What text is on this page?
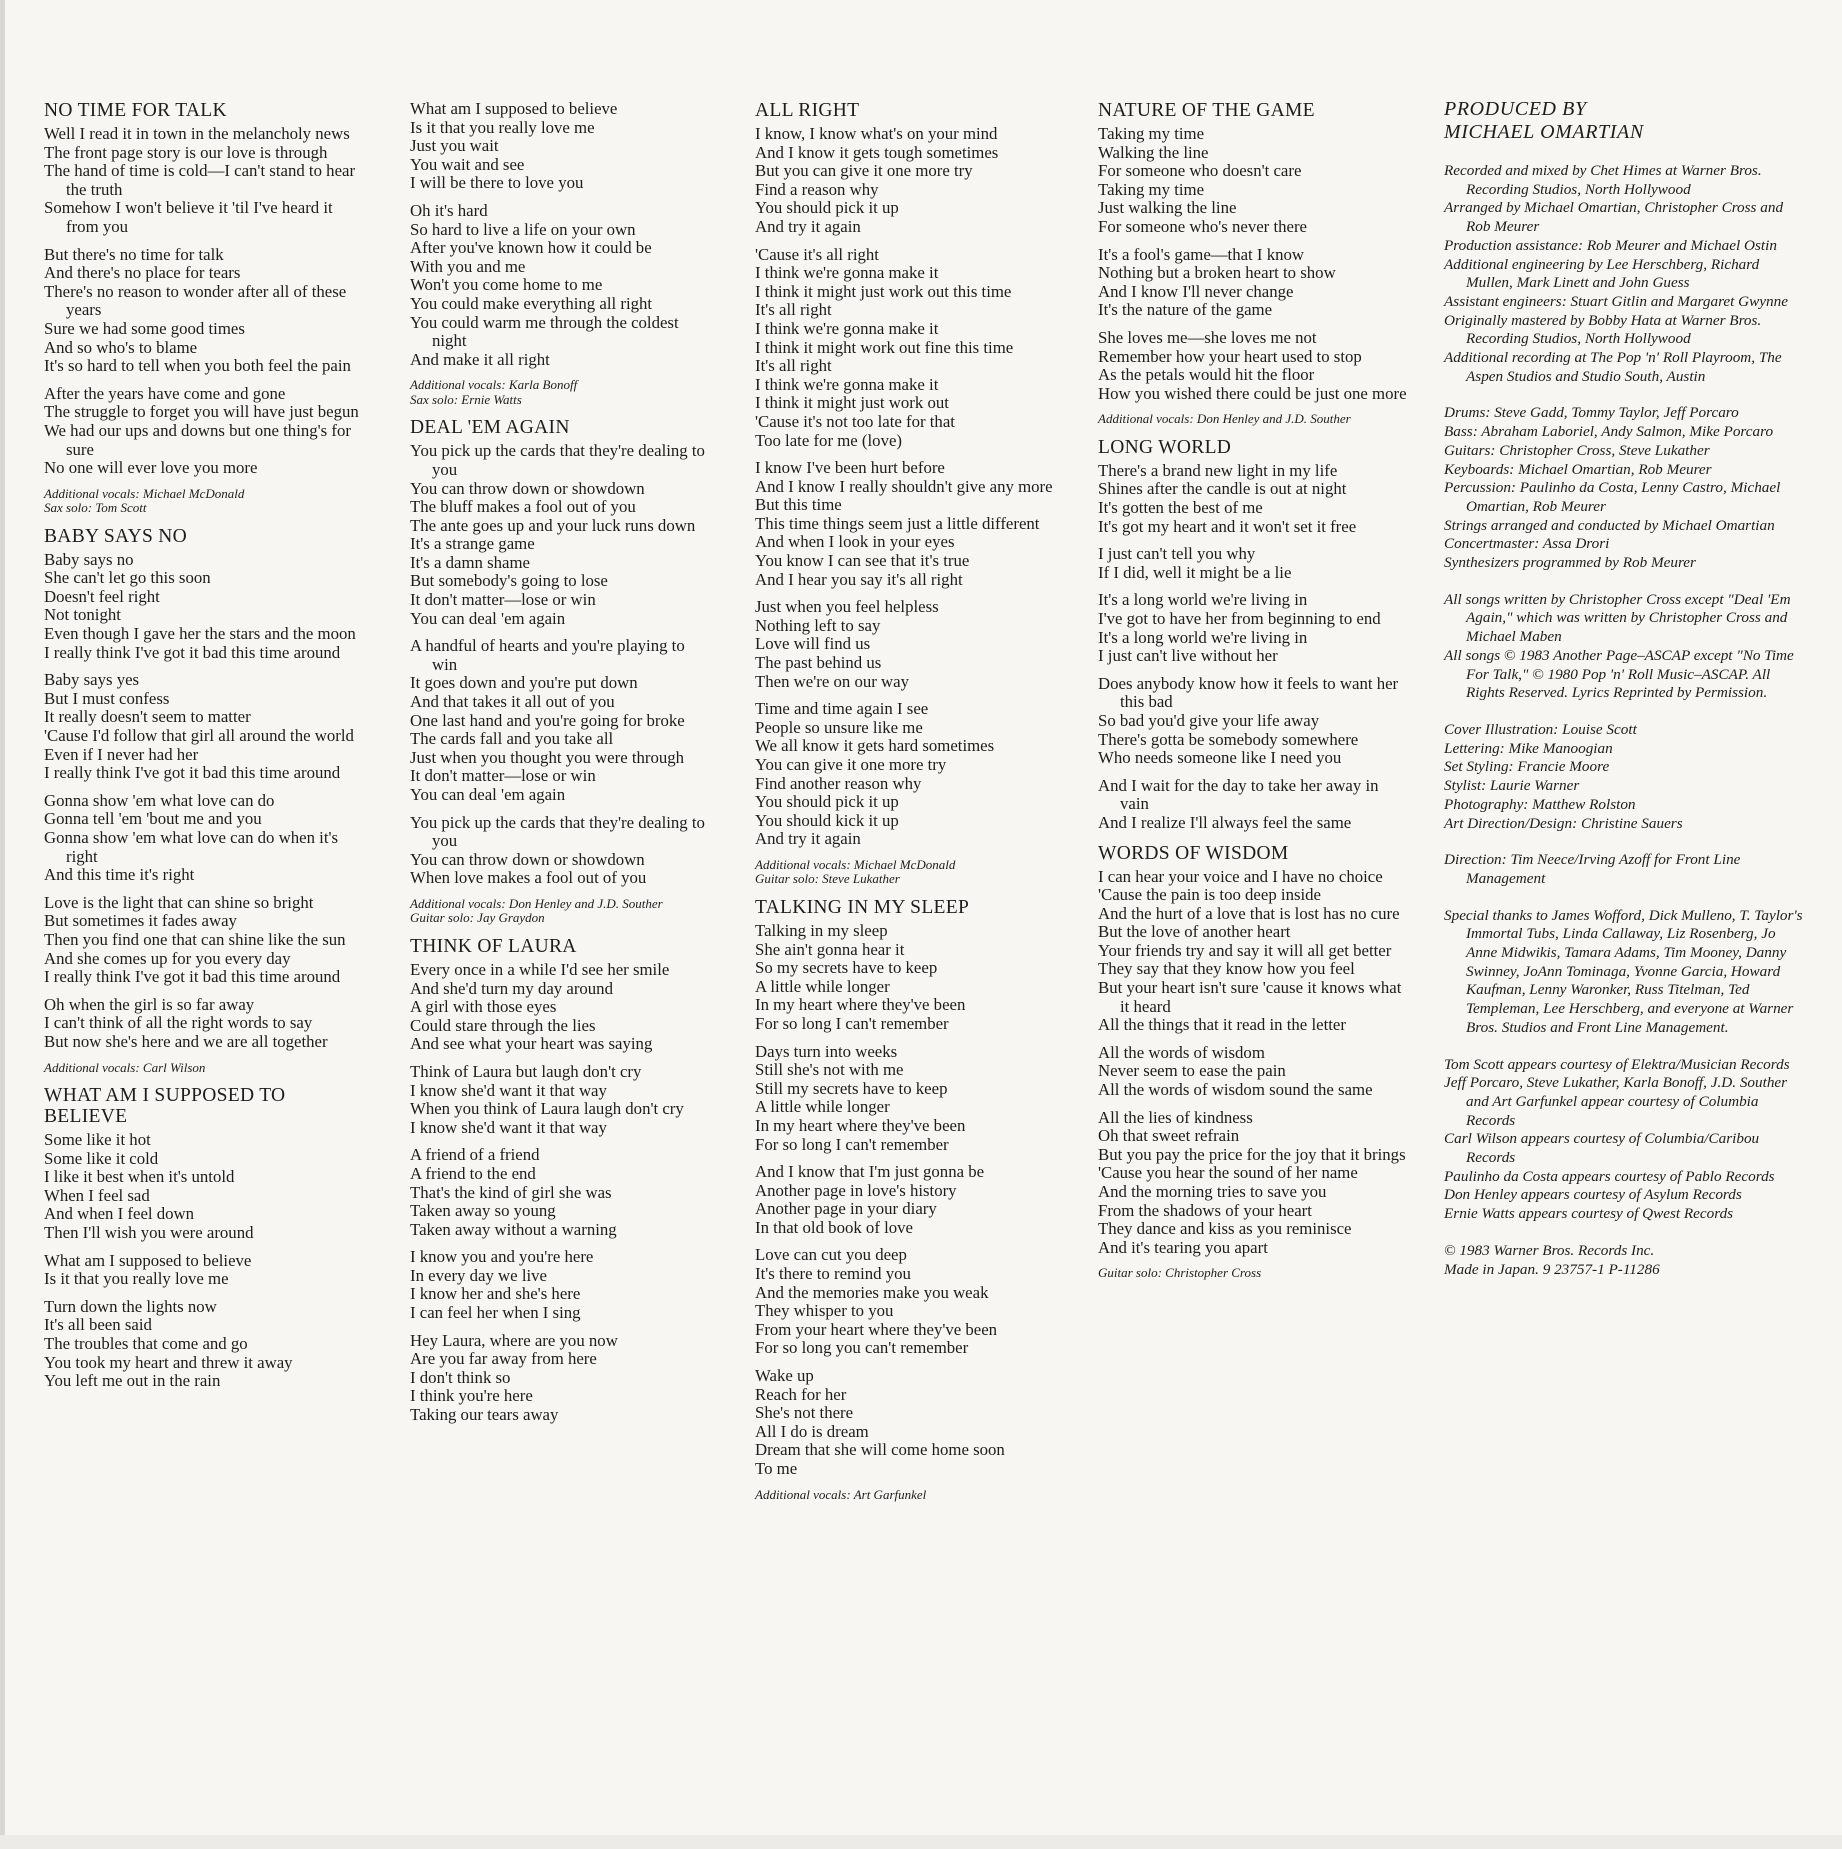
NO TIME FOR TALK
Well I read it in town in the melancholy news
The front page story is our love is through
The hand of time is cold—I can't stand to hear the truth
Somehow I won't believe it 'til I've heard it from you
But there's no time for talk
And there's no place for tears
There's no reason to wonder after all of these years
Sure we had some good times
And so who's to blame
It's so hard to tell when you both feel the pain
After the years have come and gone
The struggle to forget you will have just begun
We had our ups and downs but one thing's for sure
No one will ever love you more
Additional vocals: Michael McDonald
Sax solo: Tom Scott
BABY SAYS NO
Baby says no
She can't let go this soon
Doesn't feel right
Not tonight
Even though I gave her the stars and the moon
I really think I've got it bad this time around
Baby says yes
But I must confess
It really doesn't seem to matter
'Cause I'd follow that girl all around the world
Even if I never had her
I really think I've got it bad this time around
Gonna show 'em what love can do
Gonna tell 'em 'bout me and you
Gonna show 'em what love can do when it's right
And this time it's right
Love is the light that can shine so bright
But sometimes it fades away
Then you find one that can shine like the sun
And she comes up for you every day
I really think I've got it bad this time around
Oh when the girl is so far away
I can't think of all the right words to say
But now she's here and we are all together
Additional vocals: Carl Wilson
WHAT AM I SUPPOSED TO BELIEVE
Some like it hot
Some like it cold
I like it best when it's untold
When I feel sad
And when I feel down
Then I'll wish you were around
What am I supposed to believe
Is it that you really love me
Turn down the lights now
It's all been said
The troubles that come and go
You took my heart and threw it away
You left me out in the rain
What am I supposed to believe
Is it that you really love me
Just you wait
You wait and see
I will be there to love you
Oh it's hard
So hard to live a life on your own
After you've known how it could be
With you and me
Won't you come home to me
You could make everything all right
You could warm me through the coldest night
And make it all right
Additional vocals: Karla Bonoff
Sax solo: Ernie Watts
DEAL 'EM AGAIN
You pick up the cards that they're dealing to you
You can throw down or showdown
The bluff makes a fool out of you
The ante goes up and your luck runs down
It's a strange game
It's a damn shame
But somebody's going to lose
It don't matter—lose or win
You can deal 'em again
A handful of hearts and you're playing to win
It goes down and you're put down
And that takes it all out of you
One last hand and you're going for broke
The cards fall and you take all
Just when you thought you were through
It don't matter—lose or win
You can deal 'em again
You pick up the cards that they're dealing to you
You can throw down or showdown
When love makes a fool out of you
Additional vocals: Don Henley and J.D. Souther
Guitar solo: Jay Graydon
THINK OF LAURA
Every once in a while I'd see her smile
And she'd turn my day around
A girl with those eyes
Could stare through the lies
And see what your heart was saying
Think of Laura but laugh don't cry
I know she'd want it that way
When you think of Laura laugh don't cry
I know she'd want it that way
A friend of a friend
A friend to the end
That's the kind of girl she was
Taken away so young
Taken away without a warning
I know you and you're here
In every day we live
I know her and she's here
I can feel her when I sing
Hey Laura, where are you now
Are you far away from here
I don't think so
I think you're here
Taking our tears away
ALL RIGHT
I know, I know what's on your mind
And I know it gets tough sometimes
But you can give it one more try
Find a reason why
You should pick it up
And try it again
'Cause it's all right
I think we're gonna make it
I think it might just work out this time
It's all right
I think we're gonna make it
I think it might work out fine this time
It's all right
I think we're gonna make it
I think it might just work out
'Cause it's not too late for that
Too late for me (love)
I know I've been hurt before
And I know I really shouldn't give any more
But this time
This time things seem just a little different
And when I look in your eyes
You know I can see that it's true
And I hear you say it's all right
Just when you feel helpless
Nothing left to say
Love will find us
The past behind us
Then we're on our way
Time and time again I see
People so unsure like me
We all know it gets hard sometimes
You can give it one more try
Find another reason why
You should pick it up
You should kick it up
And try it again
Additional vocals: Michael McDonald
Guitar solo: Steve Lukather
TALKING IN MY SLEEP
Talking in my sleep
She ain't gonna hear it
So my secrets have to keep
A little while longer
In my heart where they've been
For so long I can't remember
Days turn into weeks
Still she's not with me
Still my secrets have to keep
A little while longer
In my heart where they've been
For so long I can't remember
And I know that I'm just gonna be
Another page in love's history
Another page in your diary
In that old book of love
Love can cut you deep
It's there to remind you
And the memories make you weak
They whisper to you
From your heart where they've been
For so long you can't remember
Wake up
Reach for her
She's not there
All I do is dream
Dream that she will come home soon
To me
Additional vocals: Art Garfunkel
NATURE OF THE GAME
Taking my time
Walking the line
For someone who doesn't care
Taking my time
Just walking the line
For someone who's never there
It's a fool's game—that I know
Nothing but a broken heart to show
And I know I'll never change
It's the nature of the game
She loves me—she loves me not
Remember how your heart used to stop
As the petals would hit the floor
How you wished there could be just one more
Additional vocals: Don Henley and J.D. Souther
LONG WORLD
There's a brand new light in my life
Shines after the candle is out at night
It's gotten the best of me
It's got my heart and it won't set it free
I just can't tell you why
If I did, well it might be a lie
It's a long world we're living in
I've got to have her from beginning to end
It's a long world we're living in
I just can't live without her
Does anybody know how it feels to want her this bad
So bad you'd give your life away
There's gotta be somebody somewhere
Who needs someone like I need you
And I wait for the day to take her away in vain
And I realize I'll always feel the same
WORDS OF WISDOM
I can hear your voice and I have no choice
'Cause the pain is too deep inside
And the hurt of a love that is lost has no cure
But the love of another heart
Your friends try and say it will all get better
They say that they know how you feel
But your heart isn't sure 'cause it knows what it heard
All the things that it read in the letter
All the words of wisdom
Never seem to ease the pain
All the words of wisdom sound the same
All the lies of kindness
Oh that sweet refrain
But you pay the price for the joy that it brings
'Cause you hear the sound of her name
And the morning tries to save you
From the shadows of your heart
They dance and kiss as you reminisce
And it's tearing you apart
Guitar solo: Christopher Cross
PRODUCED BY
MICHAEL OMARTIAN
Recorded and mixed by Chet Himes at Warner Bros. Recording Studios, North Hollywood
Arranged by Michael Omartian, Christopher Cross and Rob Meurer
Production assistance: Rob Meurer and Michael Ostin
Additional engineering by Lee Herschberg, Richard Mullen, Mark Linett and John Guess
Assistant engineers: Stuart Gitlin and Margaret Gwynne
Originally mastered by Bobby Hata at Warner Bros. Recording Studios, North Hollywood
Additional recording at The Pop 'n' Roll Playroom, The Aspen Studios and Studio South, Austin
Drums: Steve Gadd, Tommy Taylor, Jeff Porcaro
Bass: Abraham Laboriel, Andy Salmon, Mike Porcaro
Guitars: Christopher Cross, Steve Lukather
Keyboards: Michael Omartian, Rob Meurer
Percussion: Paulinho da Costa, Lenny Castro, Michael Omartian, Rob Meurer
Strings arranged and conducted by Michael Omartian
Concertmaster: Assa Drori
Synthesizers programmed by Rob Meurer
All songs written by Christopher Cross except "Deal 'Em Again," which was written by Christopher Cross and Michael Maben
All songs © 1983 Another Page–ASCAP except "No Time For Talk," © 1980 Pop 'n' Roll Music–ASCAP. All Rights Reserved. Lyrics Reprinted by Permission.
Cover Illustration: Louise Scott
Lettering: Mike Manoogian
Set Styling: Francie Moore
Stylist: Laurie Warner
Photography: Matthew Rolston
Art Direction/Design: Christine Sauers
Direction: Tim Neece/Irving Azoff for Front Line Management
Special thanks to James Wofford, Dick Mulleno, T. Taylor's Immortal Tubs, Linda Callaway, Liz Rosenberg, Jo Anne Midwikis, Tamara Adams, Tim Mooney, Danny Swinney, JoAnn Tominaga, Yvonne Garcia, Howard Kaufman, Lenny Waronker, Russ Titelman, Ted Templeman, Lee Herschberg, and everyone at Warner Bros. Studios and Front Line Management.
Tom Scott appears courtesy of Elektra/Musician Records
Jeff Porcaro, Steve Lukather, Karla Bonoff, J.D. Souther and Art Garfunkel appear courtesy of Columbia Records
Carl Wilson appears courtesy of Columbia/Caribou Records
Paulinho da Costa appears courtesy of Pablo Records
Don Henley appears courtesy of Asylum Records
Ernie Watts appears courtesy of Qwest Records
© 1983 Warner Bros. Records Inc.
Made in Japan. 9 23757-1 P-11286
